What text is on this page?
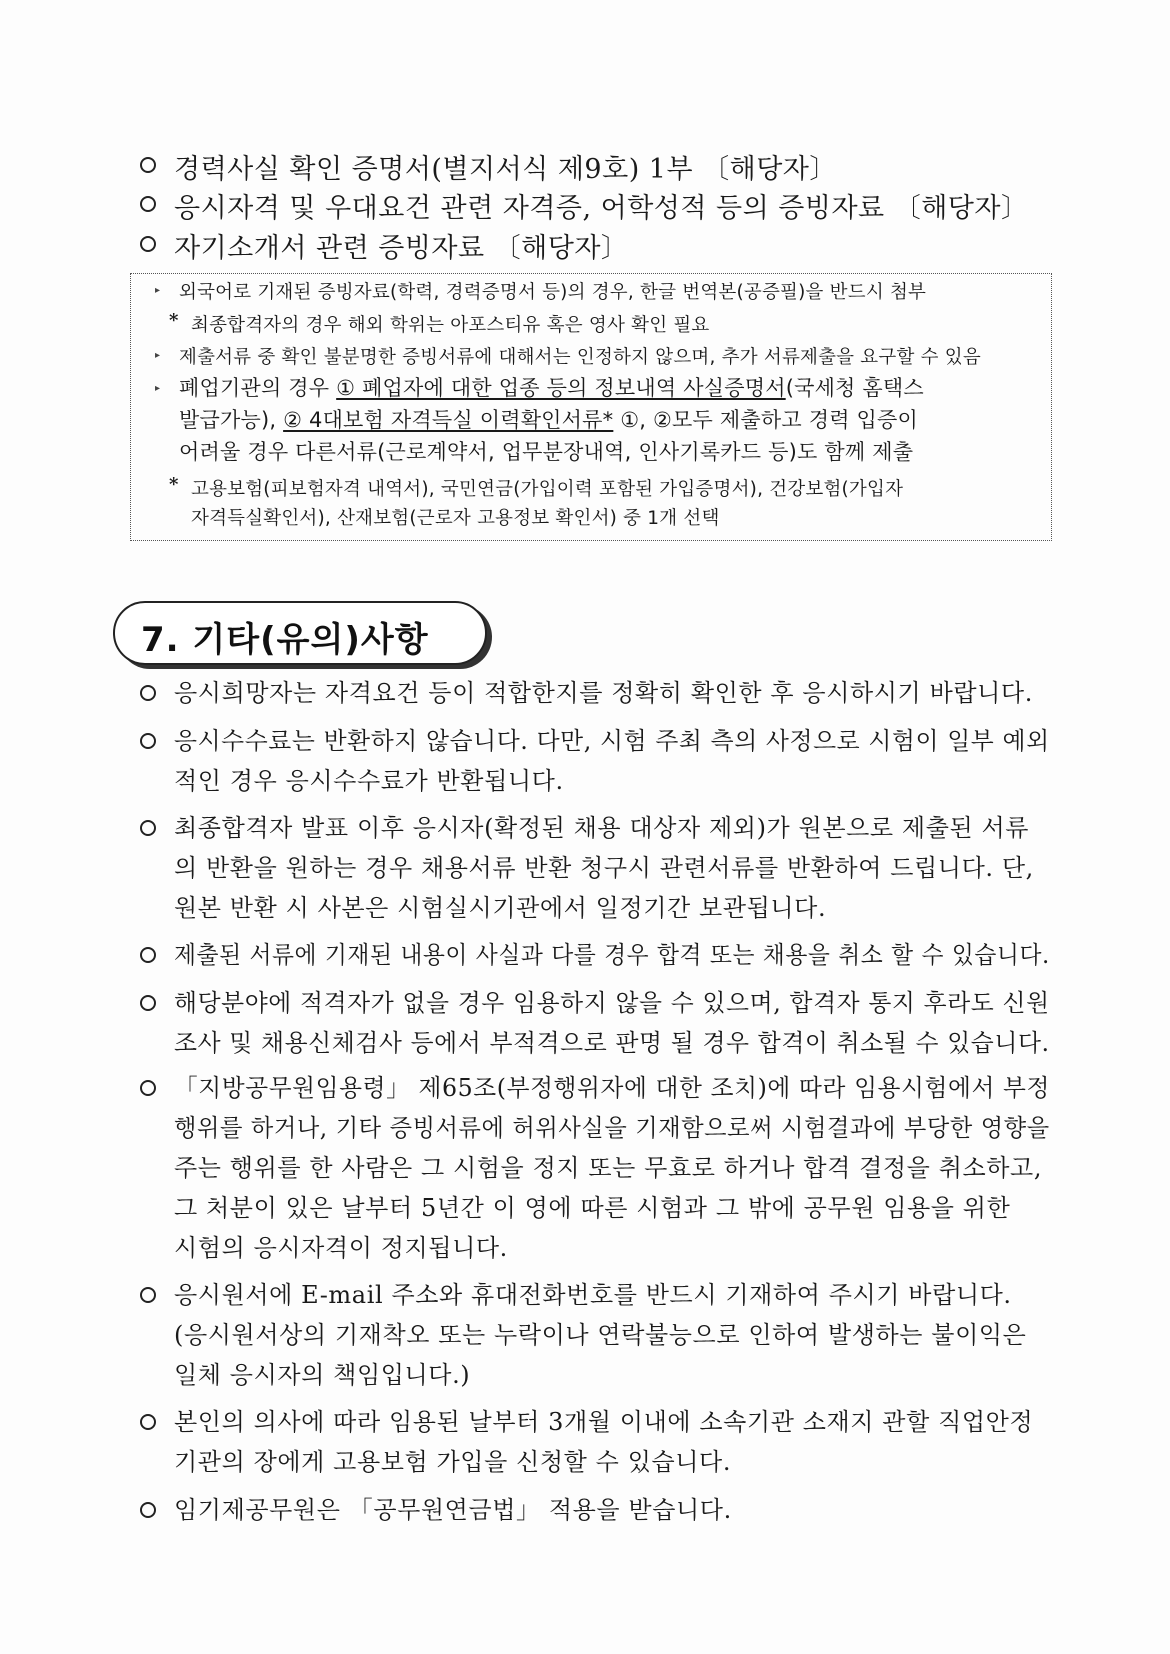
경력사실 확인 증명서(별지서식 제9호) 1부 〔해당자〕
응시자격 및 우대요건 관련 자격증, 어학성적 등의 증빙자료 〔해당자〕
자기소개서 관련 증빙자료 〔해당자〕
▸ 외국어로 기재된 증빙자료(학력, 경력증명서 등)의 경우, 한글 번역본(공증필)을 반드시 첨부
* 최종합격자의 경우 해외 학위는 아포스티유 혹은 영사 확인 필요
▸ 제출서류 중 확인 불분명한 증빙서류에 대해서는 인정하지 않으며, 추가 서류제출을 요구할 수 있음
▸ 폐업기관의 경우 ① 폐업자에 대한 업종 등의 정보내역 사실증명서(국세청 홈택스
발급가능), ② 4대보험 자격득실 이력확인서류* ①, ②모두 제출하고 경력 입증이
어려울 경우 다른서류(근로계약서, 업무분장내역, 인사기록카드 등)도 함께 제출
* 고용보험(피보험자격 내역서), 국민연금(가입이력 포함된 가입증명서), 건강보험(가입자
자격득실확인서), 산재보험(근로자 고용정보 확인서) 중 1개 선택
7. 기타(유의)사항
응시희망자는 자격요건 등이 적합한지를 정확히 확인한 후 응시하시기 바랍니다.
응시수수료는 반환하지 않습니다. 다만, 시험 주최 측의 사정으로 시험이 일부 예외
적인 경우 응시수수료가 반환됩니다.
최종합격자 발표 이후 응시자(확정된 채용 대상자 제외)가 원본으로 제출된 서류
의 반환을 원하는 경우 채용서류 반환 청구시 관련서류를 반환하여 드립니다. 단,
원본 반환 시 사본은 시험실시기관에서 일정기간 보관됩니다.
제출된 서류에 기재된 내용이 사실과 다를 경우 합격 또는 채용을 취소 할 수 있습니다.
해당분야에 적격자가 없을 경우 임용하지 않을 수 있으며, 합격자 통지 후라도 신원
조사 및 채용신체검사 등에서 부적격으로 판명 될 경우 합격이 취소될 수 있습니다.
「지방공무원임용령」 제65조(부정행위자에 대한 조치)에 따라 임용시험에서 부정
행위를 하거나, 기타 증빙서류에 허위사실을 기재함으로써 시험결과에 부당한 영향을
주는 행위를 한 사람은 그 시험을 정지 또는 무효로 하거나 합격 결정을 취소하고,
그 처분이 있은 날부터 5년간 이 영에 따른 시험과 그 밖에 공무원 임용을 위한
시험의 응시자격이 정지됩니다.
응시원서에 E-mail 주소와 휴대전화번호를 반드시 기재하여 주시기 바랍니다.
(응시원서상의 기재착오 또는 누락이나 연락불능으로 인하여 발생하는 불이익은
일체 응시자의 책임입니다.)
본인의 의사에 따라 임용된 날부터 3개월 이내에 소속기관 소재지 관할 직업안정
기관의 장에게 고용보험 가입을 신청할 수 있습니다.
임기제공무원은 「공무원연금법」 적용을 받습니다.
